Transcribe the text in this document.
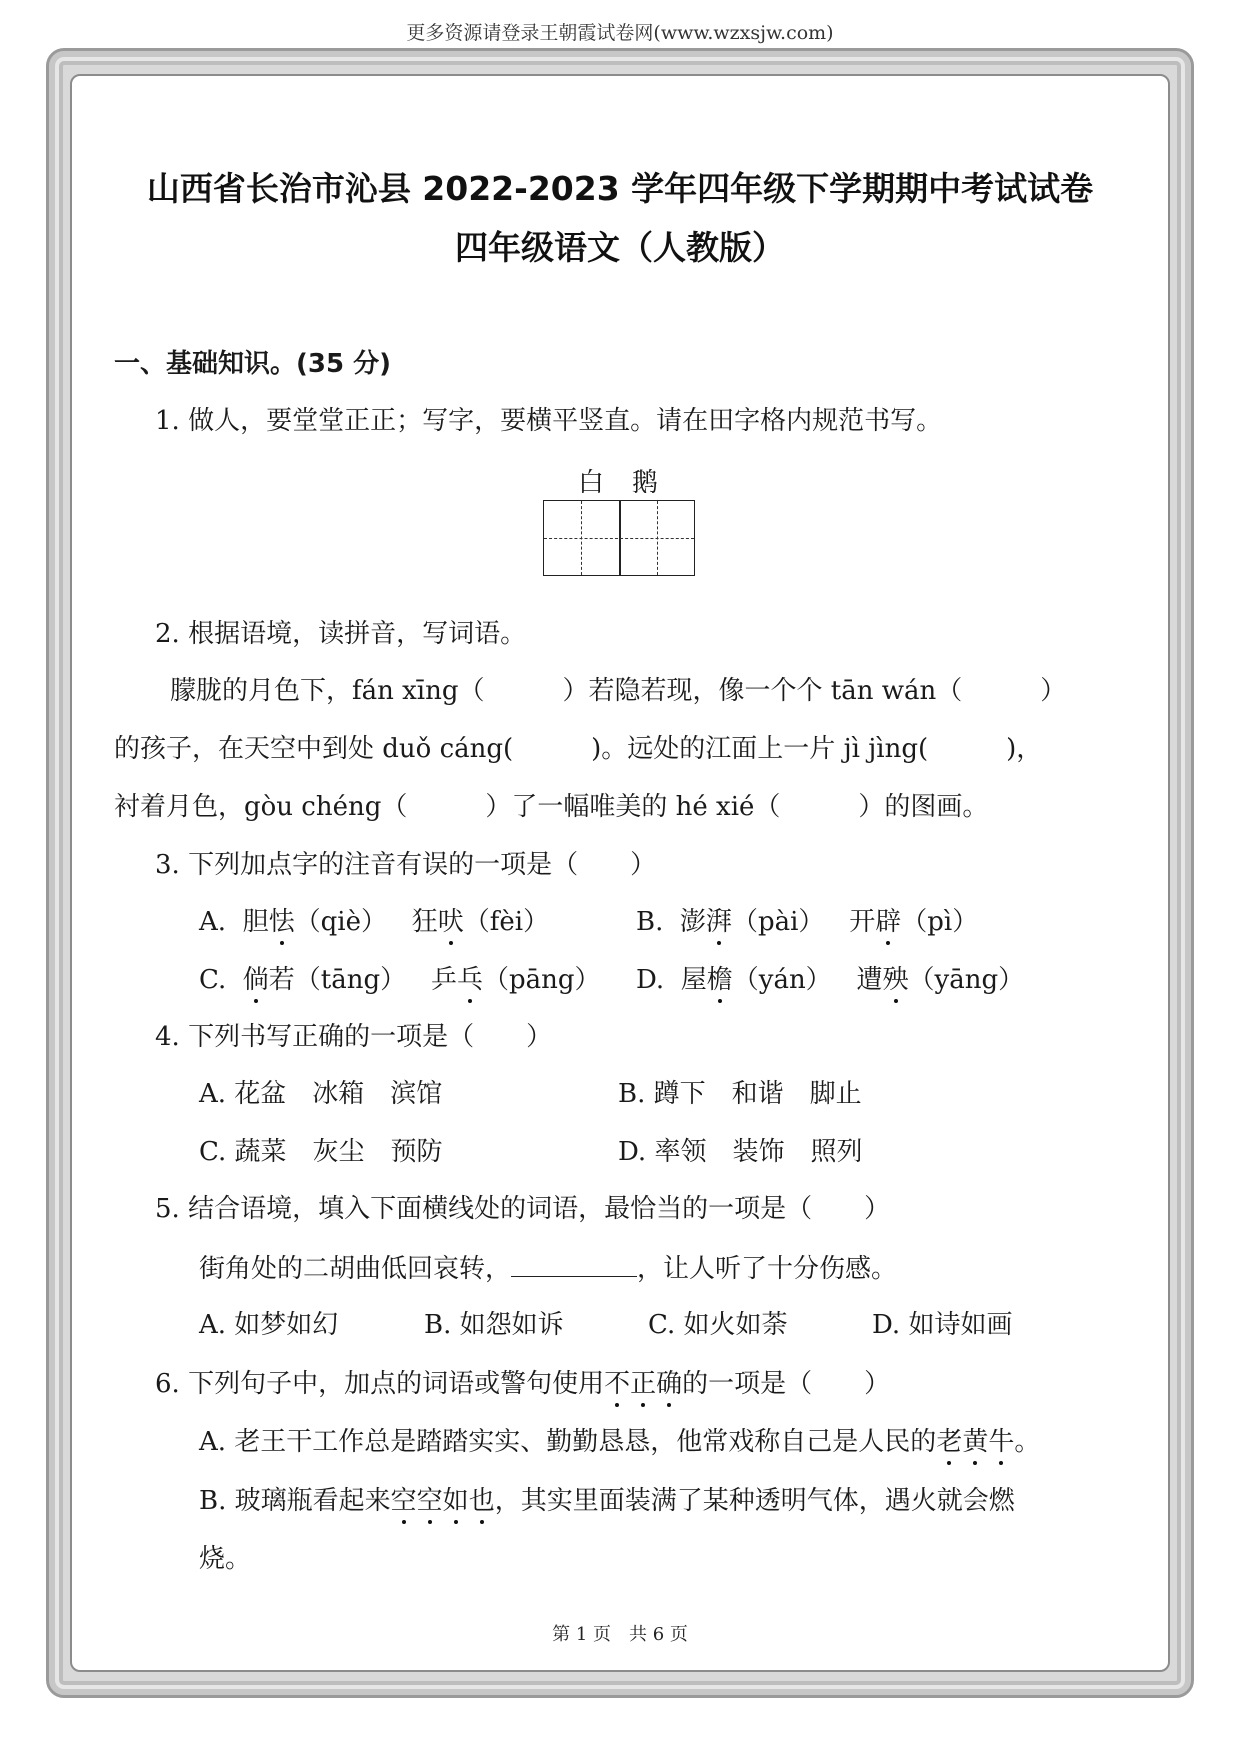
更多资源请登录王朝霞试卷网(www.wzxsjw.com)
山西省长治市沁县 2022-2023 学年四年级下学期期中考试试卷
四年级语文（人教版）
一、基础知识。(35 分)
1. 做人，要堂堂正正；写字，要横平竖直。请在田字格内规范书写。
白 鹅
2. 根据语境，读拼音，写词语。
朦胧的月色下，fán xīng（　　　）若隐若现，像一个个 tān wán（　　　）
的孩子，在天空中到处 duǒ cáng(　　　)。远处的江面上一片 jì jìng(　　　)，
衬着月色，gòu chéng（　　　）了一幅唯美的 hé xié（　　　）的图画。
3. 下列加点字的注音有误的一项是（　　）
A. 胆怯（qiè） 狂吠（fèi）	B. 澎湃（pài） 开辟（pì）
C. 倘若（tāng） 乒乓（pāng） D. 屋檐（yán） 遭殃（yāng）
4. 下列书写正确的一项是（　　）
A. 花盆　冰箱　滨馆	B. 蹲下　和谐　脚止
C. 蔬菜　灰尘　预防	D. 率领　装饰　照列
5. 结合语境，填入下面横线处的词语，最恰当的一项是（　　）
街角处的二胡曲低回哀转，	，让人听了十分伤感。
A. 如梦如幻	B. 如怨如诉	C. 如火如荼	D. 如诗如画
6. 下列句子中，加点的词语或警句使用不正确的一项是（　　）
A. 老王干工作总是踏踏实实、勤勤恳恳，他常戏称自己是人民的老黄牛。
B. 玻璃瓶看起来空空如也，其实里面装满了某种透明气体，遇火就会燃
烧。
第 1 页　共 6 页
